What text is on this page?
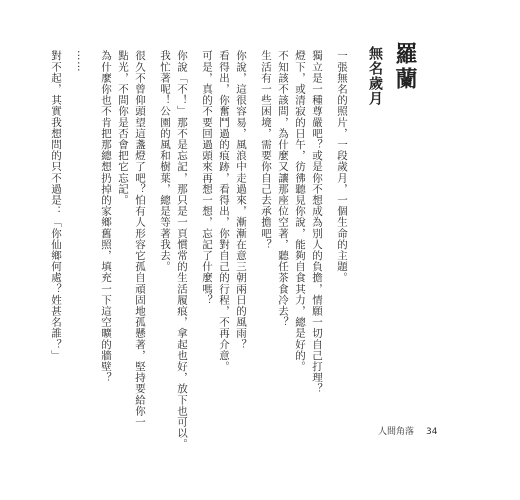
羅蘭
無名歲月
一張無名的照片，一段歲月，一個生命的主題。
獨立是一種尊嚴吧？或是你不想成為別人的負擔，情願一切自己打理？
燈下，或清寂的日午，彷彿聽見你說，能夠自食其力，總是好的。
不知該不該問，為什麼又讓那座位空著，聽任茶食冷去？
生活有一些困境，需要你自己去承擔吧？
你說，這很容易，風浪中走過來，漸漸在意三朝兩日的風雨？
看得出，你奮鬥過的痕跡，看得出，你對自己的行程，不再介意。
可是，真的不要回過頭來再想一想，忘記了什麼嗎？
你說「不！」那不是忘記，那只是一頁慣常的生活履痕，拿起也好，放下也可以。
我忙著呢！公園的風和樹葉，總是等著我去。
很久不曾仰頭望這盞燈了吧？怕有人形容它孤自頑固地孤懸著，堅持要給你一
點光，不問你是否會把它忘記。
為什麼你也不肯把那總想扔掉的家鄉舊照，填充一下這空曠的牆壁？
……
對不起，其實我想問的只不過是：「你仙鄉何處？姓甚名誰？」
人間角落 34
